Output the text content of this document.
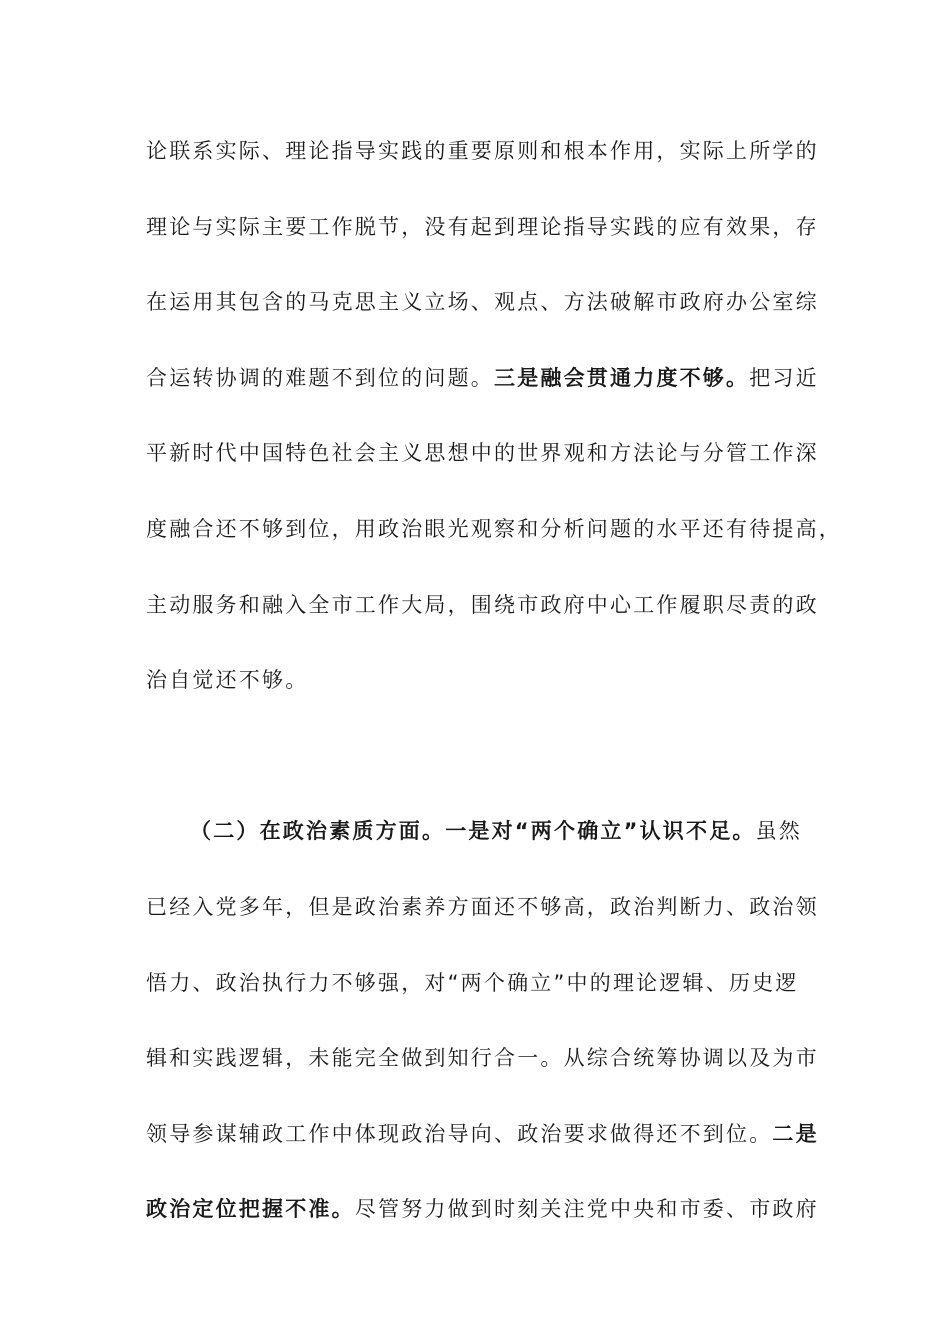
论联系实际、理论指导实践的重要原则和根本作用，实际上所学的
理论与实际主要工作脱节，没有起到理论指导实践的应有效果，存
在运用其包含的马克思主义立场、观点、方法破解市政府办公室综
合运转协调的难题不到位的问题。三是融会贯通力度不够。把习近
平新时代中国特色社会主义思想中的世界观和方法论与分管工作深
度融合还不够到位，用政治眼光观察和分析问题的水平还有待提高，
主动服务和融入全市工作大局，围绕市政府中心工作履职尽责的政
治自觉还不够。
（二）在政治素质方面。一是对“两个确立”认识不足。虽然
已经入党多年，但是政治素养方面还不够高，政治判断力、政治领
悟力、政治执行力不够强，对“两个确立”中的理论逻辑、历史逻
辑和实践逻辑，未能完全做到知行合一。从综合统筹协调以及为市
领导参谋辅政工作中体现政治导向、政治要求做得还不到位。二是
政治定位把握不准。尽管努力做到时刻关注党中央和市委、市政府
